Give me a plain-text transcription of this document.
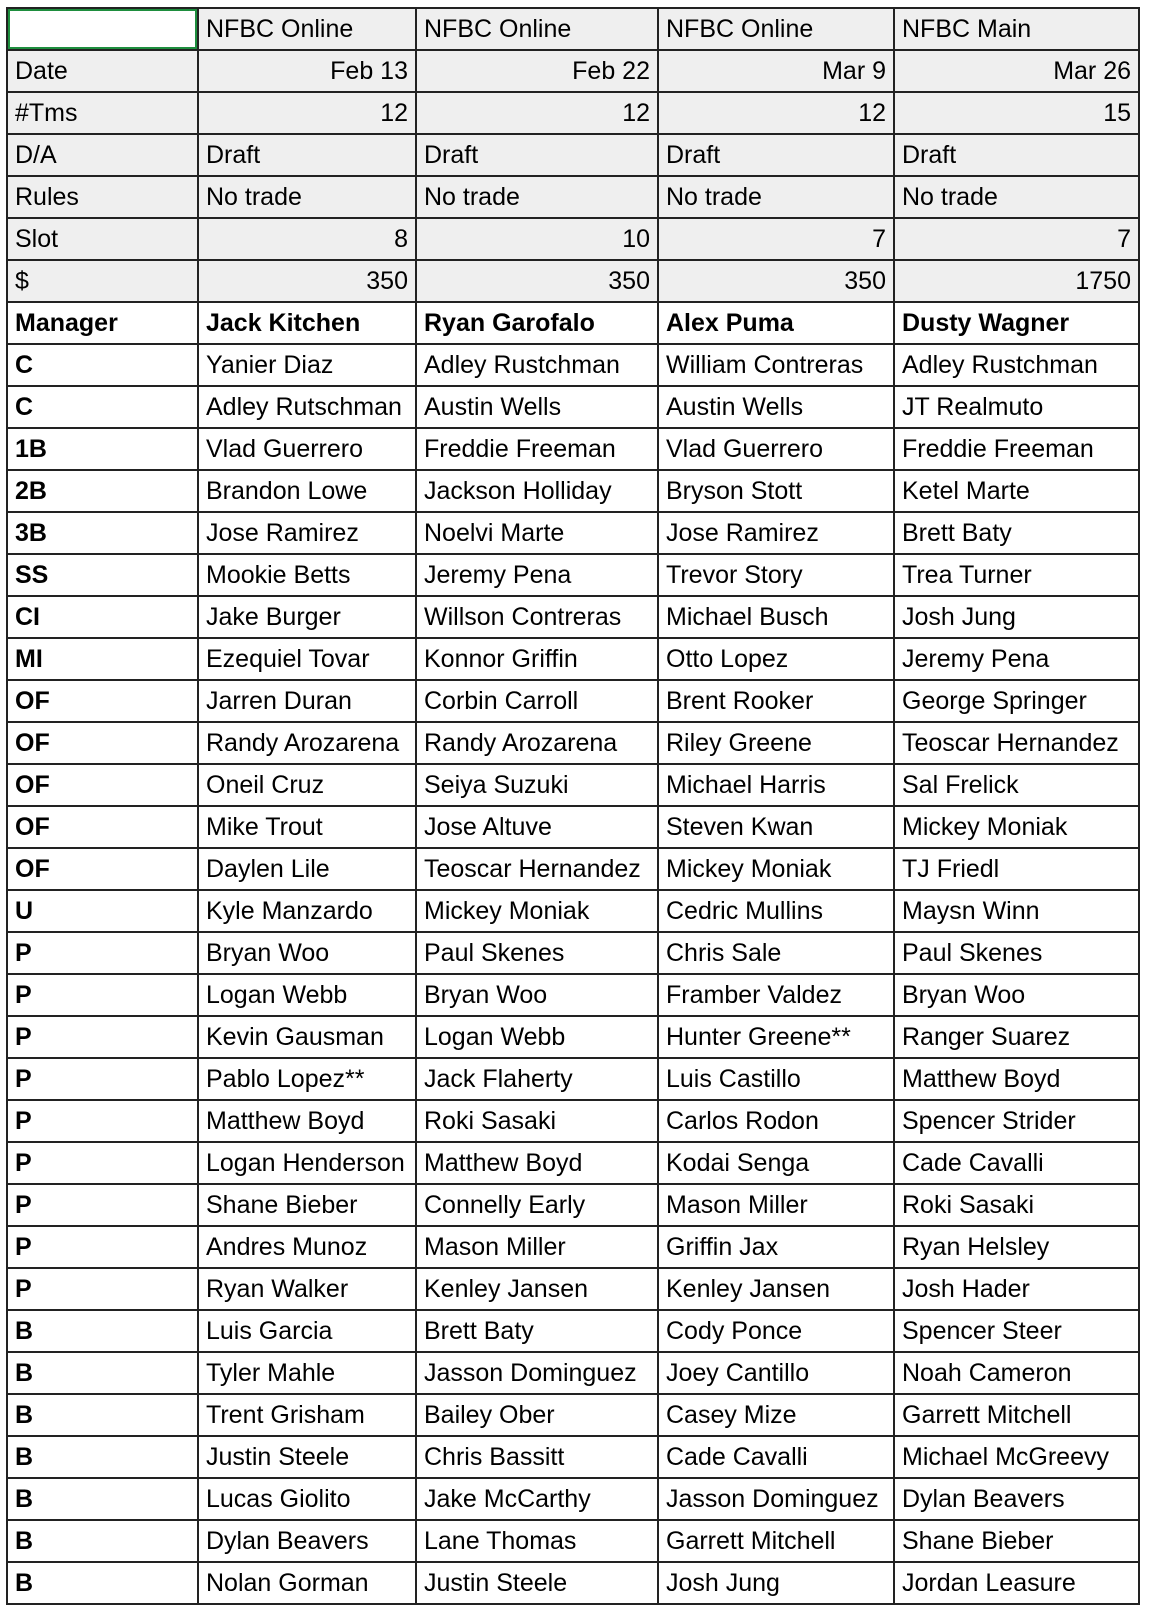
	NFBC Online	NFBC Online	NFBC Online	NFBC Main
Date	Feb 13	Feb 22	Mar 9	Mar 26
#Tms	12	12	12	15
D/A	Draft	Draft	Draft	Draft
Rules	No trade	No trade	No trade	No trade
Slot	8	10	7	7
$	350	350	350	1750
Manager	Jack Kitchen	Ryan Garofalo	Alex Puma	Dusty Wagner
C	Yanier Diaz	Adley Rustchman	William Contreras	Adley Rustchman
C	Adley Rutschman	Austin Wells	Austin Wells	JT Realmuto
1B	Vlad Guerrero	Freddie Freeman	Vlad Guerrero	Freddie Freeman
2B	Brandon Lowe	Jackson Holliday	Bryson Stott	Ketel Marte
3B	Jose Ramirez	Noelvi Marte	Jose Ramirez	Brett Baty
SS	Mookie Betts	Jeremy Pena	Trevor Story	Trea Turner
CI	Jake Burger	Willson Contreras	Michael Busch	Josh Jung
MI	Ezequiel Tovar	Konnor Griffin	Otto Lopez	Jeremy Pena
OF	Jarren Duran	Corbin Carroll	Brent Rooker	George Springer
OF	Randy Arozarena	Randy Arozarena	Riley Greene	Teoscar Hernandez
OF	Oneil Cruz	Seiya Suzuki	Michael Harris	Sal Frelick
OF	Mike Trout	Jose Altuve	Steven Kwan	Mickey Moniak
OF	Daylen Lile	Teoscar Hernandez	Mickey Moniak	TJ Friedl
U	Kyle Manzardo	Mickey Moniak	Cedric Mullins	Maysn Winn
P	Bryan Woo	Paul Skenes	Chris Sale	Paul Skenes
P	Logan Webb	Bryan Woo	Framber Valdez	Bryan Woo
P	Kevin Gausman	Logan Webb	Hunter Greene**	Ranger Suarez
P	Pablo Lopez**	Jack Flaherty	Luis Castillo	Matthew Boyd
P	Matthew Boyd	Roki Sasaki	Carlos Rodon	Spencer Strider
P	Logan Henderson	Matthew Boyd	Kodai Senga	Cade Cavalli
P	Shane Bieber	Connelly Early	Mason Miller	Roki Sasaki
P	Andres Munoz	Mason Miller	Griffin Jax	Ryan Helsley
P	Ryan Walker	Kenley Jansen	Kenley Jansen	Josh Hader
B	Luis Garcia	Brett Baty	Cody Ponce	Spencer Steer
B	Tyler Mahle	Jasson Dominguez	Joey Cantillo	Noah Cameron
B	Trent Grisham	Bailey Ober	Casey Mize	Garrett Mitchell
B	Justin Steele	Chris Bassitt	Cade Cavalli	Michael McGreevy
B	Lucas Giolito	Jake McCarthy	Jasson Dominguez	Dylan Beavers
B	Dylan Beavers	Lane Thomas	Garrett Mitchell	Shane Bieber
B	Nolan Gorman	Justin Steele	Josh Jung	Jordan Leasure
